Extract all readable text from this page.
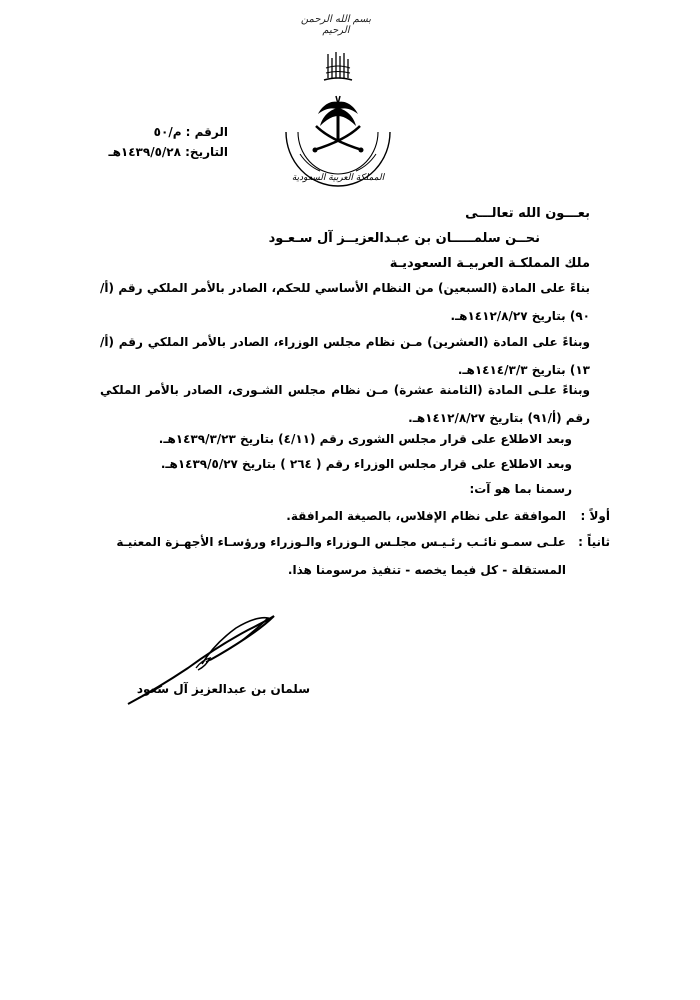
بسم الله الرحمن الرحيم
المملكة العربية السعودية
الرقم : م/٥٠
التاريخ: ١٤٣٩/٥/٢٨هـ
بعـــون الله تعالـــى
نحــن سلمـــــان بن عبـدالعزيــز آل سـعـود
ملك المملكـة العربيـة السعوديـة
بناءً على المادة (السبعين) من النظام الأساسي للحكم، الصادر بالأمر الملكي رقم (أ/٩٠) بتاريخ ١٤١٢/٨/٢٧هـ.
وبناءً على المادة (العشرين) مـن نظام مجلس الوزراء، الصادر بالأمر الملكي رقم (أ/١٣) بتاريخ ١٤١٤/٣/٣هـ.
وبناءً علـى المادة (الثامنة عشرة) مـن نظام مجلس الشـورى، الصادر بالأمر الملكي رقم (أ/٩١) بتاريخ ١٤١٢/٨/٢٧هـ.
وبعد الاطلاع على قرار مجلس الشورى رقم (٤/١١) بتاريخ ١٤٣٩/٣/٢٣هـ.
وبعد الاطلاع على قرار مجلس الوزراء رقم ( ٢٦٤ ) بتاريخ ١٤٣٩/٥/٢٧هـ.
رسمنا بما هو آت:
أولاً :
الموافقة على نظام الإفلاس، بالصيغة المرافقة.
ثانياً :
علـى سمـو نائـب رئـيـس مجلـس الـوزراء والـوزراء ورؤسـاء الأجهـزة المعنيـة المستقلة - كل فيما يخصه - تنفيذ مرسومنا هذا.
سلمان بن عبدالعزيز آل سعود
